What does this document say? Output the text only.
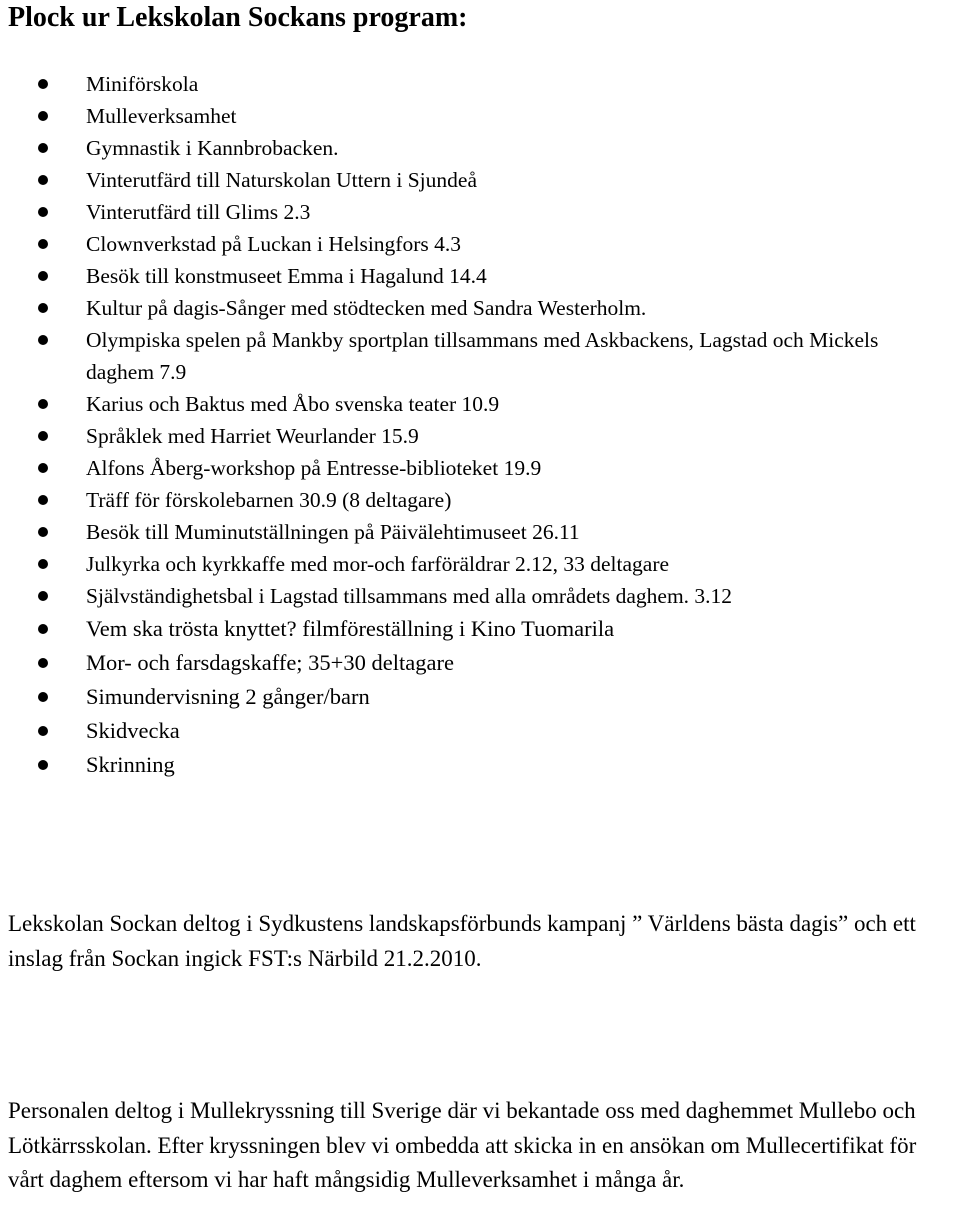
Plock ur Lekskolan Sockans program:
Miniförskola
Mulleverksamhet
Gymnastik i Kannbrobacken.
Vinterutfärd till Naturskolan Uttern i Sjundeå
Vinterutfärd till Glims 2.3
Clownverkstad på Luckan i Helsingfors 4.3
Besök till konstmuseet Emma i Hagalund 14.4
Kultur på dagis-Sånger med stödtecken med Sandra Westerholm.
Olympiska spelen på Mankby sportplan tillsammans med Askbackens, Lagstad och Mickels daghem 7.9
Karius och Baktus med Åbo svenska teater 10.9
Språklek med Harriet Weurlander 15.9
Alfons Åberg-workshop på Entresse-biblioteket 19.9
Träff för förskolebarnen 30.9 (8 deltagare)
Besök till Muminutställningen på Päivälehtimuseet 26.11
Julkyrka och kyrkkaffe med mor-och farföräldrar 2.12, 33 deltagare
Självständighetsbal i Lagstad tillsammans med alla områdets daghem. 3.12
Vem ska trösta knyttet? filmföreställning i Kino Tuomarila
Mor- och farsdagskaffe; 35+30 deltagare
Simundervisning 2 gånger/barn
Skidvecka
Skrinning

Lekskolan Sockan deltog i Sydkustens landskapsförbunds kampanj ” Världens bästa dagis” och ett inslag från Sockan ingick FST:s Närbild 21.2.2010.

Personalen deltog i Mullekryssning till Sverige där vi bekantade oss med daghemmet Mullebo och Lötkärrsskolan. Efter kryssningen blev vi ombedda att skicka in en ansökan om Mullecertifikat för vårt daghem eftersom vi har haft mångsidig Mulleverksamhet i många år.
